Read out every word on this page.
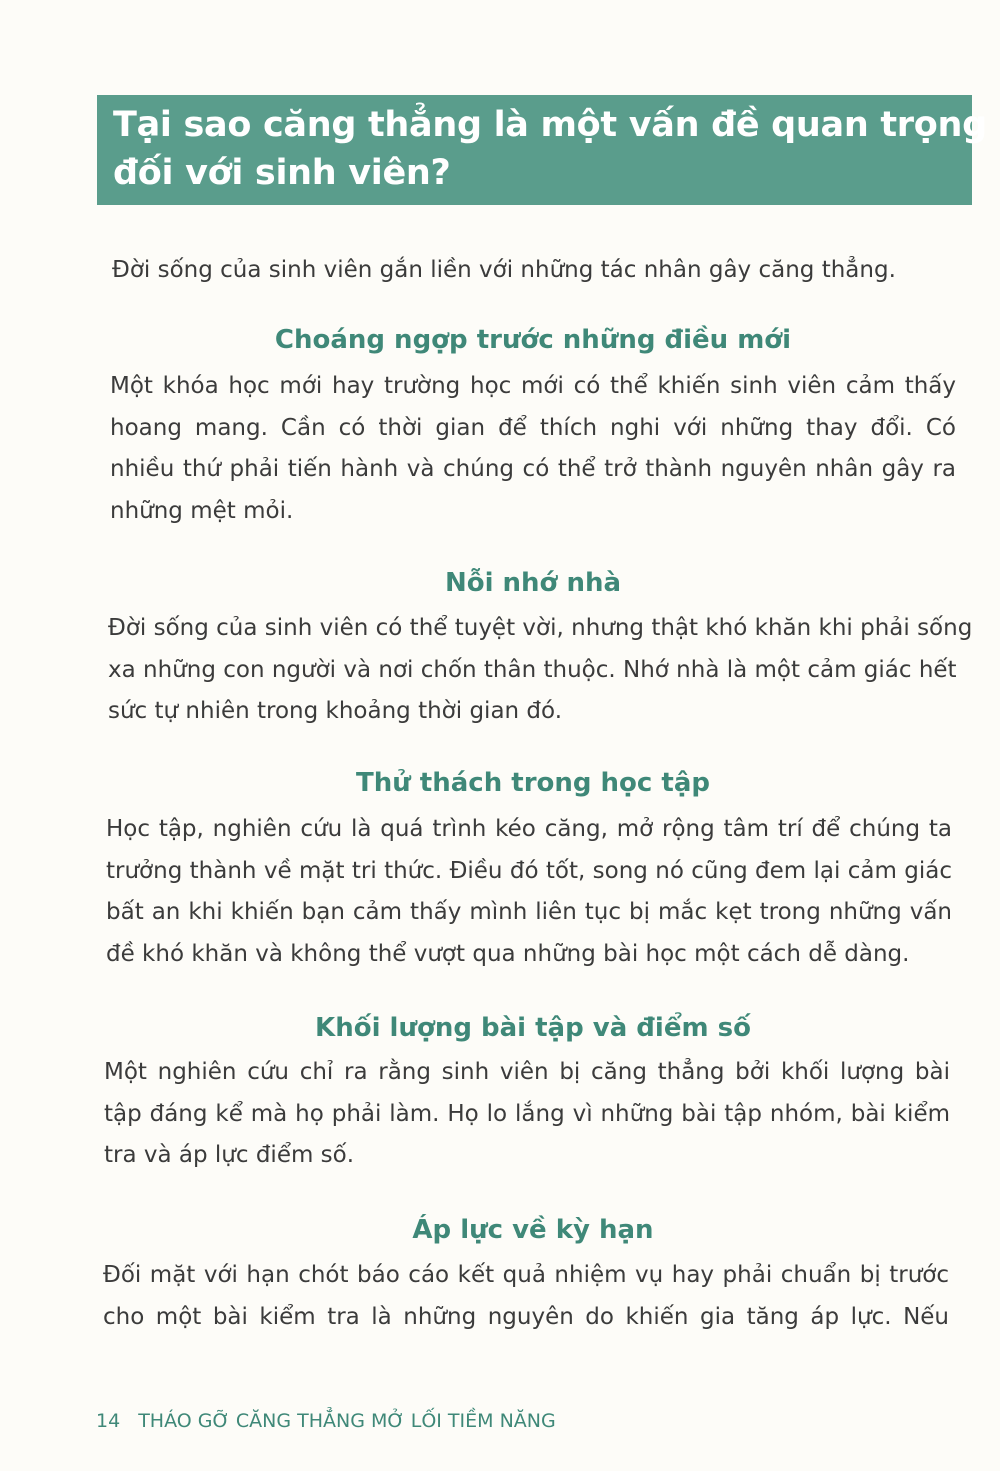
Tại sao căng thẳng là một vấn đề quan trọng
đối với sinh viên?

Đời sống của sinh viên gắn liền với những tác nhân gây căng thẳng.

Choáng ngợp trước những điều mới
Một khóa học mới hay trường học mới có thể khiến sinh viên cảm thấy
hoang mang. Cần có thời gian để thích nghi với những thay đổi. Có
nhiều thứ phải tiến hành và chúng có thể trở thành nguyên nhân gây ra
những mệt mỏi.
Nỗi nhớ nhà
Đời sống của sinh viên có thể tuyệt vời, nhưng thật khó khăn khi phải sống
xa những con người và nơi chốn thân thuộc. Nhớ nhà là một cảm giác hết
sức tự nhiên trong khoảng thời gian đó.
Thử thách trong học tập
Học tập, nghiên cứu là quá trình kéo căng, mở rộng tâm trí để chúng ta
trưởng thành về mặt tri thức. Điều đó tốt, song nó cũng đem lại cảm giác
bất an khi khiến bạn cảm thấy mình liên tục bị mắc kẹt trong những vấn
đề khó khăn và không thể vượt qua những bài học một cách dễ dàng.
Khối lượng bài tập và điểm số
Một nghiên cứu chỉ ra rằng sinh viên bị căng thẳng bởi khối lượng bài
tập đáng kể mà họ phải làm. Họ lo lắng vì những bài tập nhóm, bài kiểm
tra và áp lực điểm số.
Áp lực về kỳ hạn
Đối mặt với hạn chót báo cáo kết quả nhiệm vụ hay phải chuẩn bị trước
cho một bài kiểm tra là những nguyên do khiến gia tăng áp lực. Nếu
14 THÁO GỠ CĂNG THẲNG MỞ LỐI TIỀM NĂNG
